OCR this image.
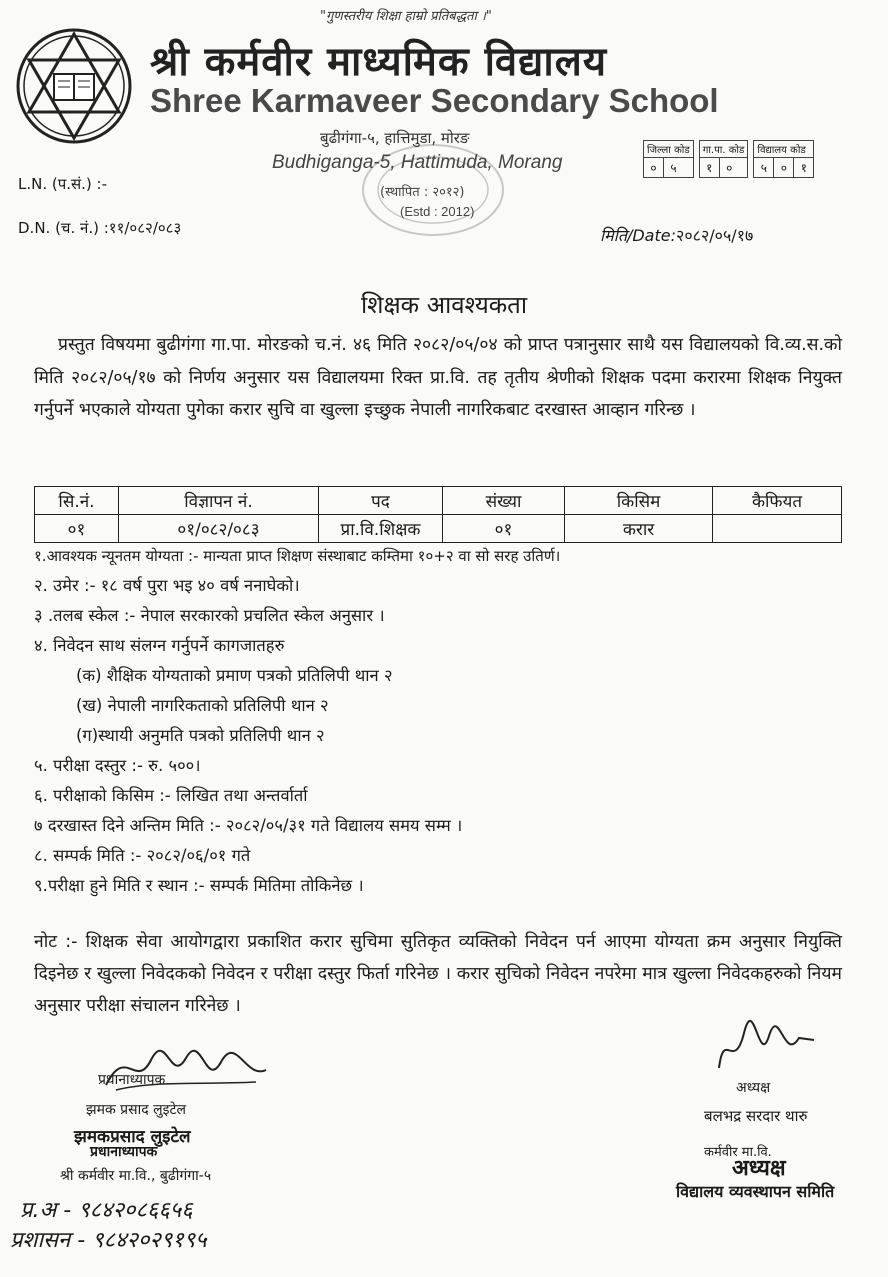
"गुणस्तरीय शिक्षा हाम्रो प्रतिबद्धता ।"
श्री कर्मवीर माध्यमिक विद्यालय
Shree Karmaveer Secondary School
बुढीगंगा-५, हात्तिमुडा, मोरङ
Budhiganga-5, Hattimuda, Morang
(स्थापित : २०१२)
(Estd : 2012)
जिल्ला कोड
०	५
गा.पा. कोड
१	०
विद्यालय कोड
५	०	१
L.N. (प.सं.) :-
D.N. (च. नं.) :११/०८२/०८३	मिति/Date:२०८२/०५/१७
शिक्षक आवश्यकता
प्रस्तुत विषयमा बुढीगंगा गा.पा. मोरङको च.नं. ४६ मिति २०८२/०५/०४ को प्राप्त पत्रानुसार साथै यस विद्यालयको वि.व्य.स.को मिति २०८२/०५/१७ को निर्णय अनुसार यस विद्यालयमा रिक्त प्रा.वि. तह तृतीय श्रेणीको शिक्षक पदमा करारमा शिक्षक नियुक्त गर्नुपर्ने भएकाले योग्यता पुगेका करार सुचि वा खुल्ला इच्छुक नेपाली नागरिकबाट दरखास्त आव्हान गरिन्छ ।
सि.नं.	विज्ञापन नं.	पद	संख्या	किसिम	कैफियत
०१	०१/०८२/०८३	प्रा.वि.शिक्षक	०१	करार	
१.आवश्यक न्यूनतम योग्यता :- मान्यता प्राप्त शिक्षण संस्थाबाट कम्तिमा १०+२ वा सो सरह उतिर्ण।
२. उमेर :- १८ वर्ष पुरा भइ ४० वर्ष ननाघेको।
३ .तलब स्केल :- नेपाल सरकारको प्रचलित स्केल अनुसार ।
४. निवेदन साथ संलग्न गर्नुपर्ने कागजातहरु
(क) शैक्षिक योग्यताको प्रमाण पत्रको प्रतिलिपी थान २
(ख) नेपाली नागरिकताको प्रतिलिपी थान २
(ग)स्थायी अनुमति पत्रको प्रतिलिपी थान २
५. परीक्षा दस्तुर :- रु. ५००।
६. परीक्षाको किसिम :- लिखित तथा अन्तर्वार्ता
७ दरखास्त दिने अन्तिम मिति :- २०८२/०५/३१ गते विद्यालय समय सम्म ।
८. सम्पर्क मिति :- २०८२/०६/०१ गते
९.परीक्षा हुने मिति र स्थान :- सम्पर्क मितिमा तोकिनेछ ।
नोट :- शिक्षक सेवा आयोगद्वारा प्रकाशित करार सुचिमा सुतिकृत व्यक्तिको निवेदन पर्न आएमा योग्यता क्रम अनुसार नियुक्ति दिइनेछ र खुल्ला निवेदकको निवेदन र परीक्षा दस्तुर फिर्ता गरिनेछ । करार सुचिको निवेदन नपरेमा मात्र खुल्ला निवेदकहरुको नियम अनुसार परीक्षा संचालन गरिनेछ ।
प्रधानाध्यापक
झमक प्रसाद लुइटेल
झमकप्रसाद लुइटेल
प्रधानाध्यापक
श्री कर्मवीर मा.वि., बुढीगंगा-५
प्र.अ - ९८४२०८६६५६
प्रशासन - ९८४२०२९१९५
अध्यक्ष
बलभद्र सरदार थारु
कर्मवीर मा.वि.
अध्यक्ष
विद्यालय व्यवस्थापन समिति
